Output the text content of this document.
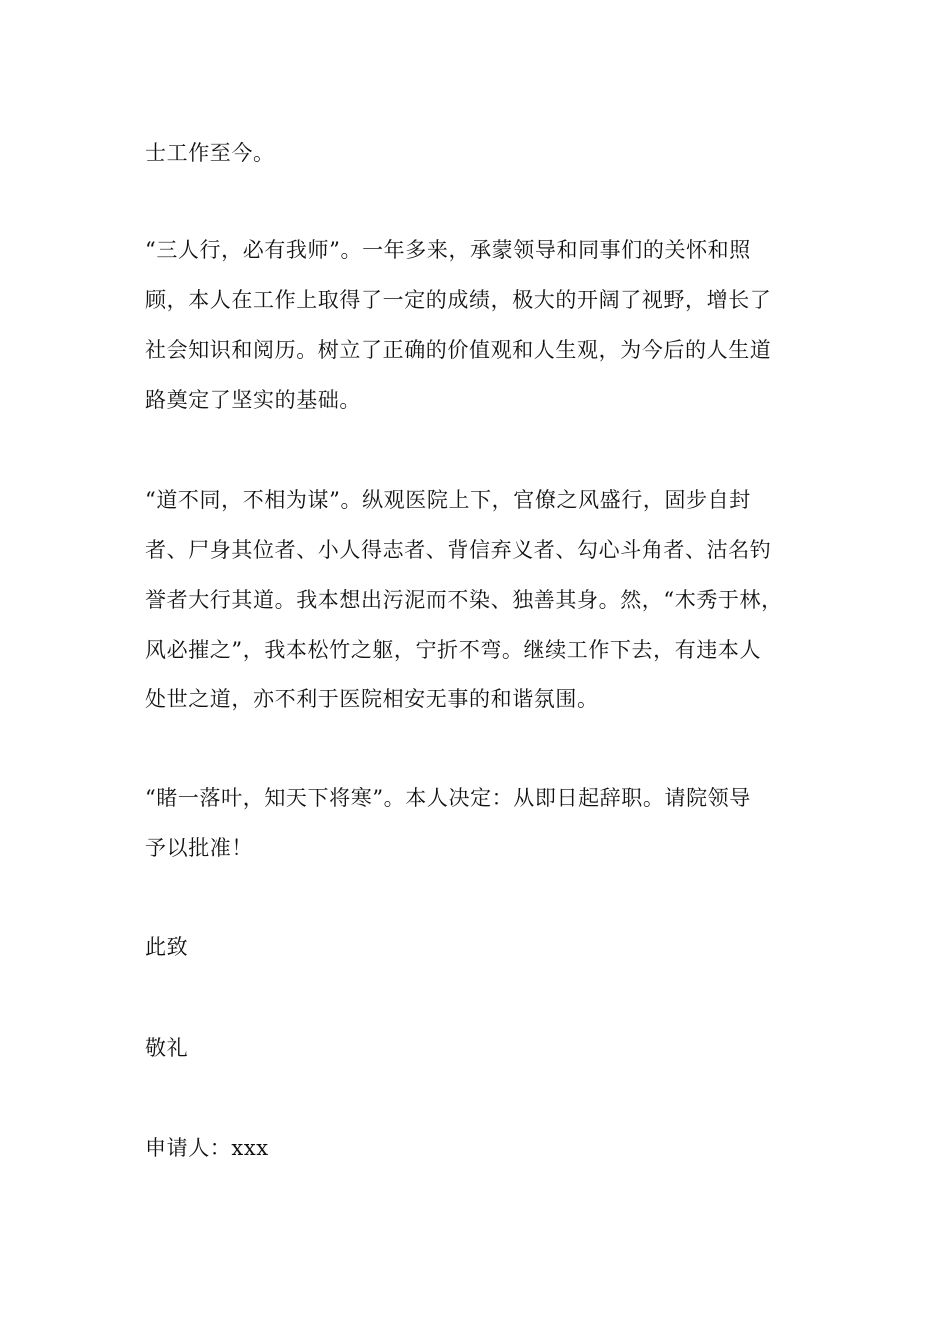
士工作至今。
“三人行，必有我师”。一年多来，承蒙领导和同事们的关怀和照
顾，本人在工作上取得了一定的成绩，极大的开阔了视野，增长了
社会知识和阅历。树立了正确的价值观和人生观，为今后的人生道
路奠定了坚实的基础。
“道不同，不相为谋”。纵观医院上下，官僚之风盛行，固步自封
者、尸身其位者、小人得志者、背信弃义者、勾心斗角者、沽名钓
誉者大行其道。我本想出污泥而不染、独善其身。然，“木秀于林，
风必摧之”，我本松竹之躯，宁折不弯。继续工作下去，有违本人
处世之道，亦不利于医院相安无事的和谐氛围。
“睹一落叶，知天下将寒”。本人决定：从即日起辞职。请院领导
予以批准！
此致
敬礼
申请人：xxx
